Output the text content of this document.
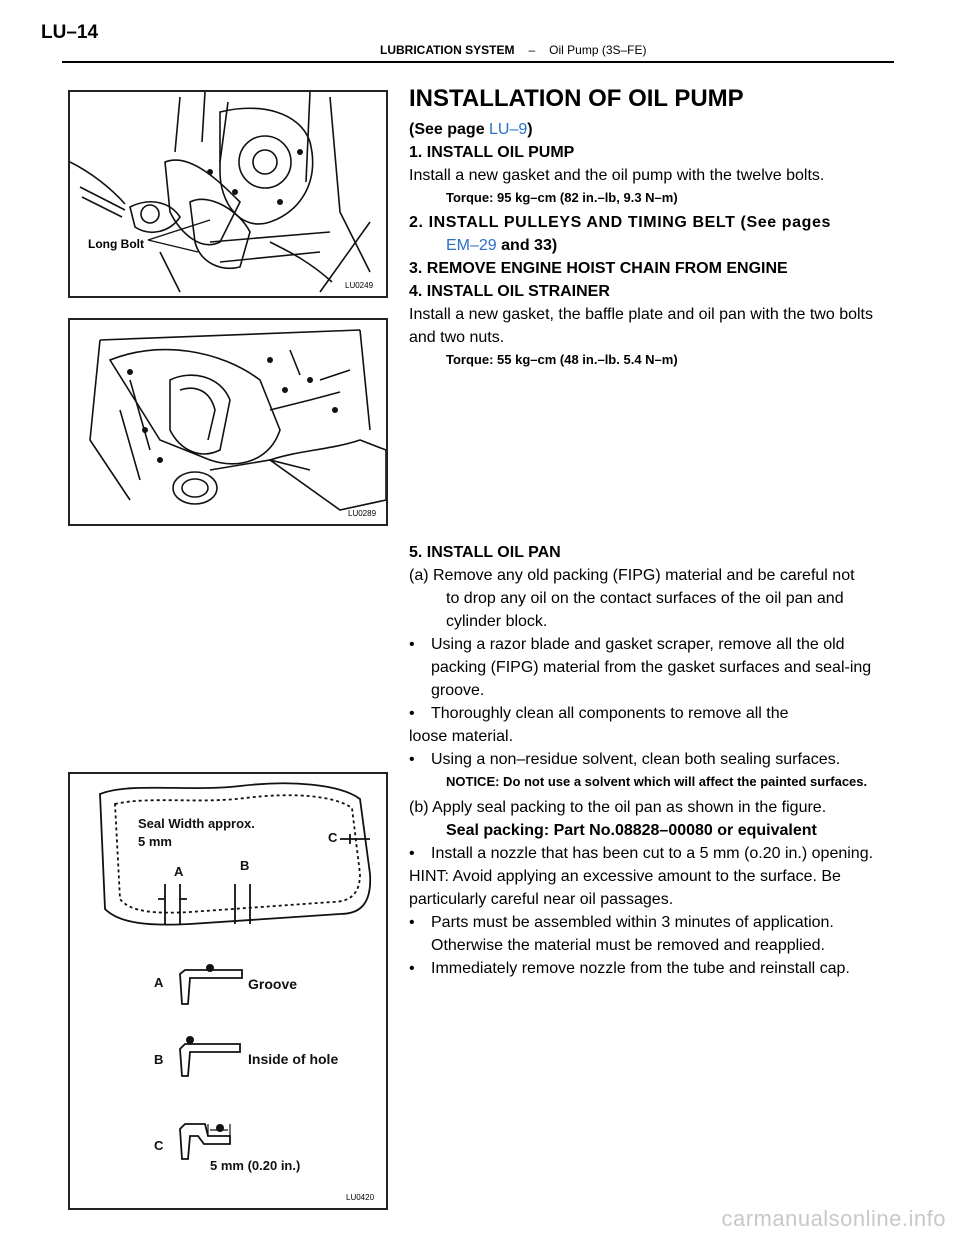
LU–14
LUBRICATION SYSTEM – Oil Pump (3S–FE)
Long Bolt
LU0249
LU0289
Seal Width approx.
5 mm	C
A	B
A	Groove
B	Inside of hole
C
5 mm (0.20 in.)
LU0420

INSTALLATION OF OIL PUMP

(See page LU–9)

1. INSTALL OIL PUMP

Install a new gasket and the oil pump with the twelve bolts.

Torque: 95 kg–cm (82 in.–lb, 9.3 N–m)

2. INSTALL PULLEYS AND TIMING BELT (See pages

EM–29 and 33)

3. REMOVE ENGINE HOIST CHAIN FROM ENGINE

4. INSTALL OIL STRAINER

Install a new gasket, the baffle plate and oil pan with the two bolts and two nuts.

Torque: 55 kg–cm (48 in.–lb. 5.4 N–m)

5. INSTALL OIL PAN

(a) Remove any old packing (FIPG) material and be careful not

to drop any oil on the contact surfaces of the oil pan and cylinder block.

• Using a razor blade and gasket scraper, remove all the old packing (FIPG) material from the gasket surfaces and seal-ing groove.

• Thoroughly clean all components to remove all the

loose material.

• Using a non–residue solvent, clean both sealing surfaces.

NOTICE: Do not use a solvent which will affect the painted surfaces.

(b) Apply seal packing to the oil pan as shown in the figure.

Seal packing: Part No.08828–00080 or equivalent

• Install a nozzle that has been cut to a 5 mm (o.20 in.) opening.

HINT: Avoid applying an excessive amount to the surface. Be particularly careful near oil passages.

• Parts must be assembled within 3 minutes of application. Otherwise the material must be removed and reapplied.

• Immediately remove nozzle from the tube and reinstall cap.

carmanualsonline.info
